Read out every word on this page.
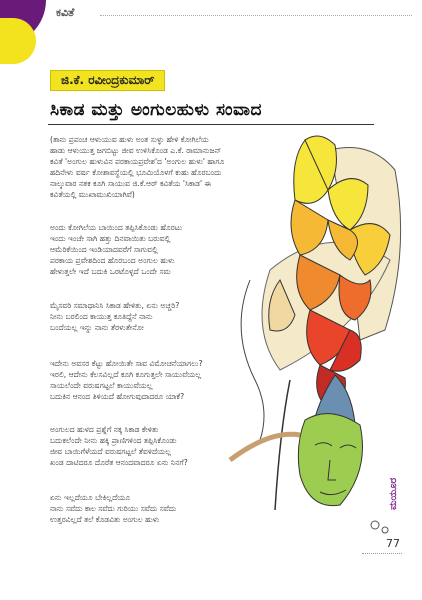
ಕವಿತೆ
ಜಿ.ಕೆ. ರವೀಂದ್ರಕುಮಾರ್
ಸಿಕಾಡ ಮತ್ತು ಅಂಗುಲಹುಳು ಸಂವಾದ
(ತಾನು ಪ್ರಪಂಚ ಆಳುಯುವ ಹುಳು ಅಂತ ಸುಳ್ಳು ಹೇಳಿ ಕೋಗಿಲೆಯ
ಹಾಡು ಆಳುಯುತ್ತ ಜಗಬಿಟ್ಟು ಜೀವ ಉಳಿಸಿಕೊಂಡ ಎ.ಕೆ. ರಾಮಾನುಜನ್
ಕವಿತೆ 'ಅಂಗುಲ ಹುಳುವಿನ ಪರಕಾಯಪ್ರವೇಶ'ದ 'ಅಂಗುಲ ಹುಳು' ಹಾಗೂ
ಹದಿನೇಳು ವರ್ಷ ಕೋಶಾವಸ್ಥೆಯಲ್ಲಿ ಭೂಮಿಯೊಳಗೆ ಕುಹು ಹೊರಬಂದು
ನಾಲ್ಕುವಾರ ನತಕ ಕೂಗಿ ಸಾಯುವ ಜಿ.ಕೆ.ಆರ್ ಕವಿತೆಯ 'ಸಿಕಾಡ' ಈ
ಕವಿತೆಯಲ್ಲಿ ಮುಖಾಮುಖಿಯಾಗಿವೆ)
ಅಂದು ಕೋಗಿಲೆಯ ಬಾಯಿಂದ ತಪ್ಪಿಸಿಕೊಂಡು ಹೊರಟು
ಇಂದು ಇಂಚೇ ಸಾಗಿ ಹತ್ತು ದಿನವಾಯಿತು ಬರುವಲ್ಲಿ
ಆಮೆರಿಕೆಯಿಂದ ಇಂಡಿಯಾದವರೆಗೆ ಸಾಗುವಲ್ಲಿ
ಪರಕಾಯ ಪ್ರವೇಶದಿಂದ ಹೊರಬಂದ ಅಂಗುಲ ಹುಳು
ಹೇಳುತ್ತಲೇ ಇದೆ ಬದುಕಿ ಒರಟೊಳ್ಳದೆ ಒಂದೇ ಸಮ
ಮೈಸವರಿ ಸಮಾಧಾನಿಸಿ ಸಿಕಾಡ ಹೇಳಿತು, ಏನು ಅಚ್ಚರಿ?
ನೀನು ಬರಲಿಂದ ಕಾಯುತ್ತ ಕೂತಿದ್ದೆನೆ ನಾನು
ಬಂದೆಯಲ್ಲ ಇನ್ನು ನಾನು ತೆರಳುತೇನೋ
ಇದೇನು ಅವಸರ ಕೆಟ್ಟು ಹೋಯಿತೇ ಸಾವ ವಿಮೋಚನೆಯಾಗಲು?
ಇರಲಿ, ಆದೇನು ಕೆಲಸವಿಲ್ಲದೆ ಕೂಗಿ ಕೂಗುತ್ತಲೇ ಸಾಯುವೆಯಲ್ಲ
ಸಾಯಲೆಂದೇ ವರುಷಗಟ್ಟಲೆ ಕಾಯುವೆಯಲ್ಲ
ಬದುಕಿನ ಆನಂದ ತಿಳಿಯದೆ ಹೋಗುವುದಾದರೂ ಯಾಕೆ?
ಅಂಗುಲದ ಹುಳದ ಪ್ರಶ್ನೆಗೆ ನಕ್ಕ ಸಿಕಾಡ ಕೇಳಿತು
ಬದುಕಲೆಂದೇ ನೀನು ಹಕ್ಕಿ ಪ್ರಾಣಿಗಳಿಂದ ತಪ್ಪಿಸಿಕೊಂಡು
ಜೀವ ಬಾಯಿಗೆಳೆಯದೆ ವರುಷಗಟ್ಟಲೆ ತೆವಳಿದೆಯಲ್ಲ
ಖಂಡ ದಾಟಿದರೂ ದೊರೆತ ಆನಂದವಾದರೂ ಏನು ನಿನಗೆ?
ಏನು ಇಲ್ಲದೆಯೂ ಬೇಕಿಲ್ಲದೆಯೂ
ನಾನು ಸವೆದು ಕಾಲ ಸವೆದು ಗುರಿಯು ಸವೆದು ಸವೆದು
ಉತ್ತರವಿಲ್ಲದೆ ತಲೆ ಕೊಡವಿತು ಅಂಗುಲ ಹುಳು
ಮಯೂರ
77
